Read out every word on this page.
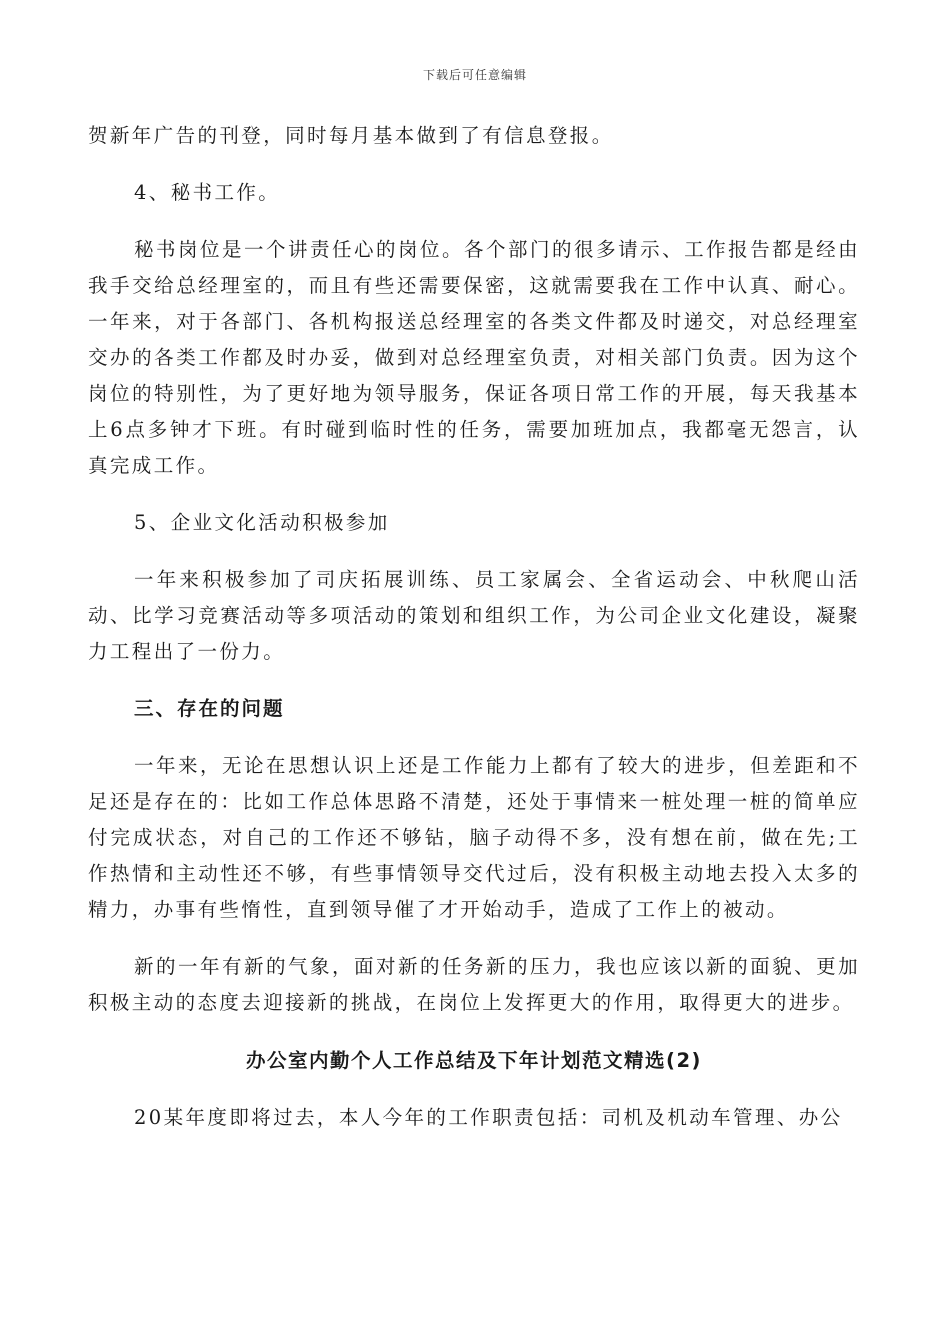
下载后可任意编辑

贺新年广告的刊登，同时每月基本做到了有信息登报。

4、秘书工作。

秘书岗位是一个讲责任心的岗位。各个部门的很多请示、工作报告都是经由我手交给总经理室的，而且有些还需要保密，这就需要我在工作中认真、耐心。一年来，对于各部门、各机构报送总经理室的各类文件都及时递交，对总经理室交办的各类工作都及时办妥，做到对总经理室负责，对相关部门负责。因为这个岗位的特别性，为了更好地为领导服务，保证各项日常工作的开展，每天我基本上6点多钟才下班。有时碰到临时性的任务，需要加班加点，我都毫无怨言，认真完成工作。

5、企业文化活动积极参加

一年来积极参加了司庆拓展训练、员工家属会、全省运动会、中秋爬山活动、比学习竞赛活动等多项活动的策划和组织工作，为公司企业文化建设，凝聚力工程出了一份力。

三、存在的问题

一年来，无论在思想认识上还是工作能力上都有了较大的进步，但差距和不足还是存在的：比如工作总体思路不清楚，还处于事情来一桩处理一桩的简单应付完成状态，对自己的工作还不够钻，脑子动得不多，没有想在前，做在先;工作热情和主动性还不够，有些事情领导交代过后，没有积极主动地去投入太多的精力，办事有些惰性，直到领导催了才开始动手，造成了工作上的被动。

新的一年有新的气象，面对新的任务新的压力，我也应该以新的面貌、更加积极主动的态度去迎接新的挑战，在岗位上发挥更大的作用，取得更大的进步。

办公室内勤个人工作总结及下年计划范文精选(2)

20某年度即将过去，本人今年的工作职责包括：司机及机动车管理、办公
